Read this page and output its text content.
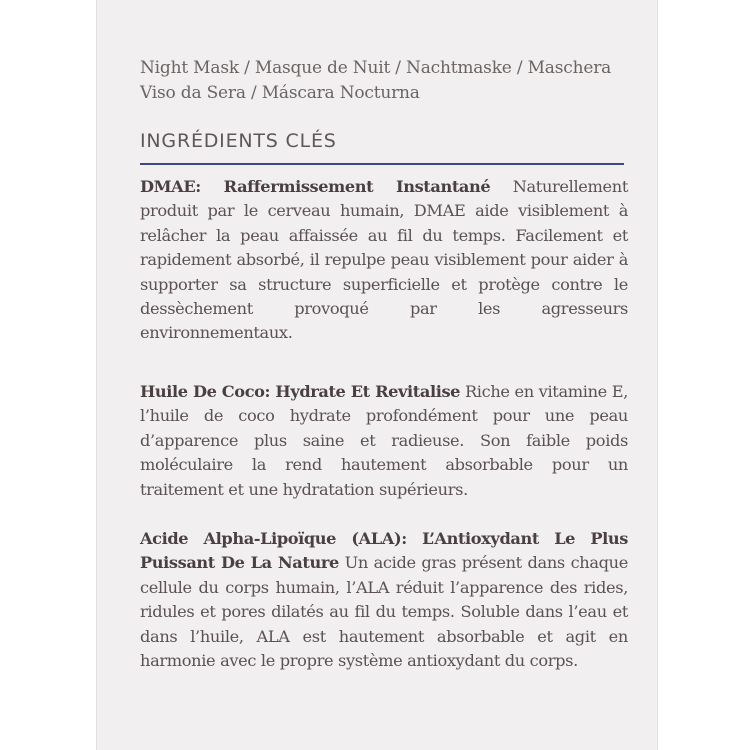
Night Mask / Masque de Nuit / Nachtmaske / Maschera
Viso da Sera / Máscara Nocturna
INGRÉDIENTS CLÉS
DMAE: Raffermissement Instantané Naturellement produit par le cerveau humain, DMAE aide visiblement à relâcher la peau affaissée au fil du temps. Facilement et rapidement absorbé, il repulpe peau visiblement pour aider à supporter sa structure superficielle et protège contre le dessèchement provoqué par les agresseurs environnementaux.
Huile De Coco: Hydrate Et Revitalise Riche en vitamine E, l’huile de coco hydrate profondément pour une peau d’apparence plus saine et radieuse. Son faible poids moléculaire la rend hautement absorbable pour un traitement et une hydratation supérieurs.
Acide Alpha-Lipoïque (ALA): L’Antioxydant Le Plus Puissant De La Nature Un acide gras présent dans chaque cellule du corps humain, l’ALA réduit l’apparence des rides, ridules et pores dilatés au fil du temps. Soluble dans l’eau et dans l’huile, ALA est hautement absorbable et agit en harmonie avec le propre système antioxydant du corps.
